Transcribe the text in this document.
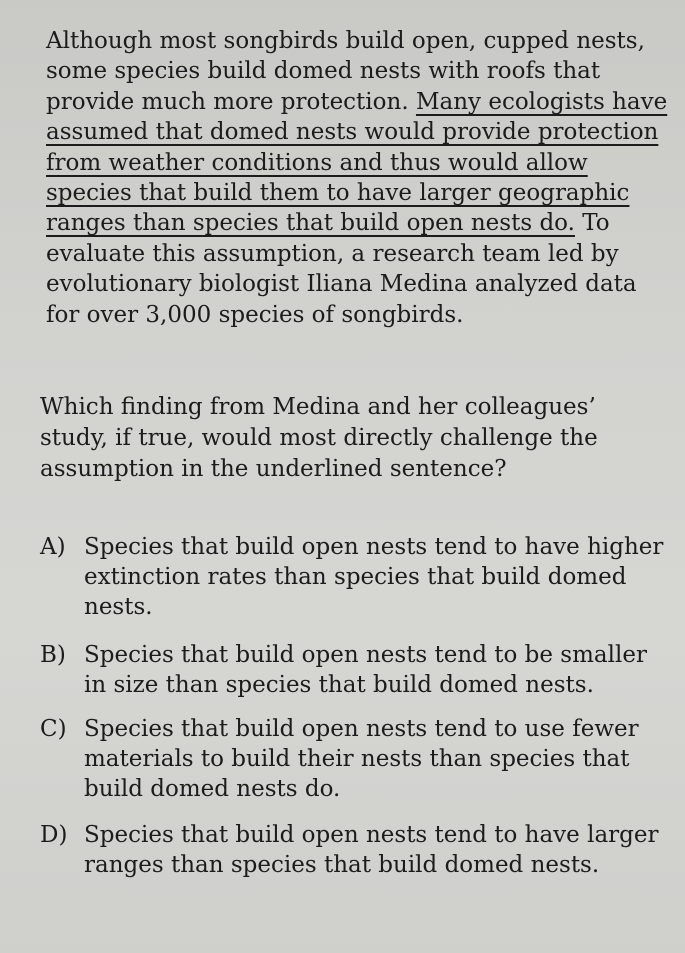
Although most songbirds build open, cupped nests,
some species build domed nests with roofs that
provide much more protection. Many ecologists have
assumed that domed nests would provide protection
from weather conditions and thus would allow
species that build them to have larger geographic
ranges than species that build open nests do. To
evaluate this assumption, a research team led by
evolutionary biologist Iliana Medina analyzed data
for over 3,000 species of songbirds.
Which finding from Medina and her colleagues’
study, if true, would most directly challenge the
assumption in the underlined sentence?
A) Species that build open nests tend to have higher
extinction rates than species that build domed
nests.
B) Species that build open nests tend to be smaller
in size than species that build domed nests.
C) Species that build open nests tend to use fewer
materials to build their nests than species that
build domed nests do.
D) Species that build open nests tend to have larger
ranges than species that build domed nests.
